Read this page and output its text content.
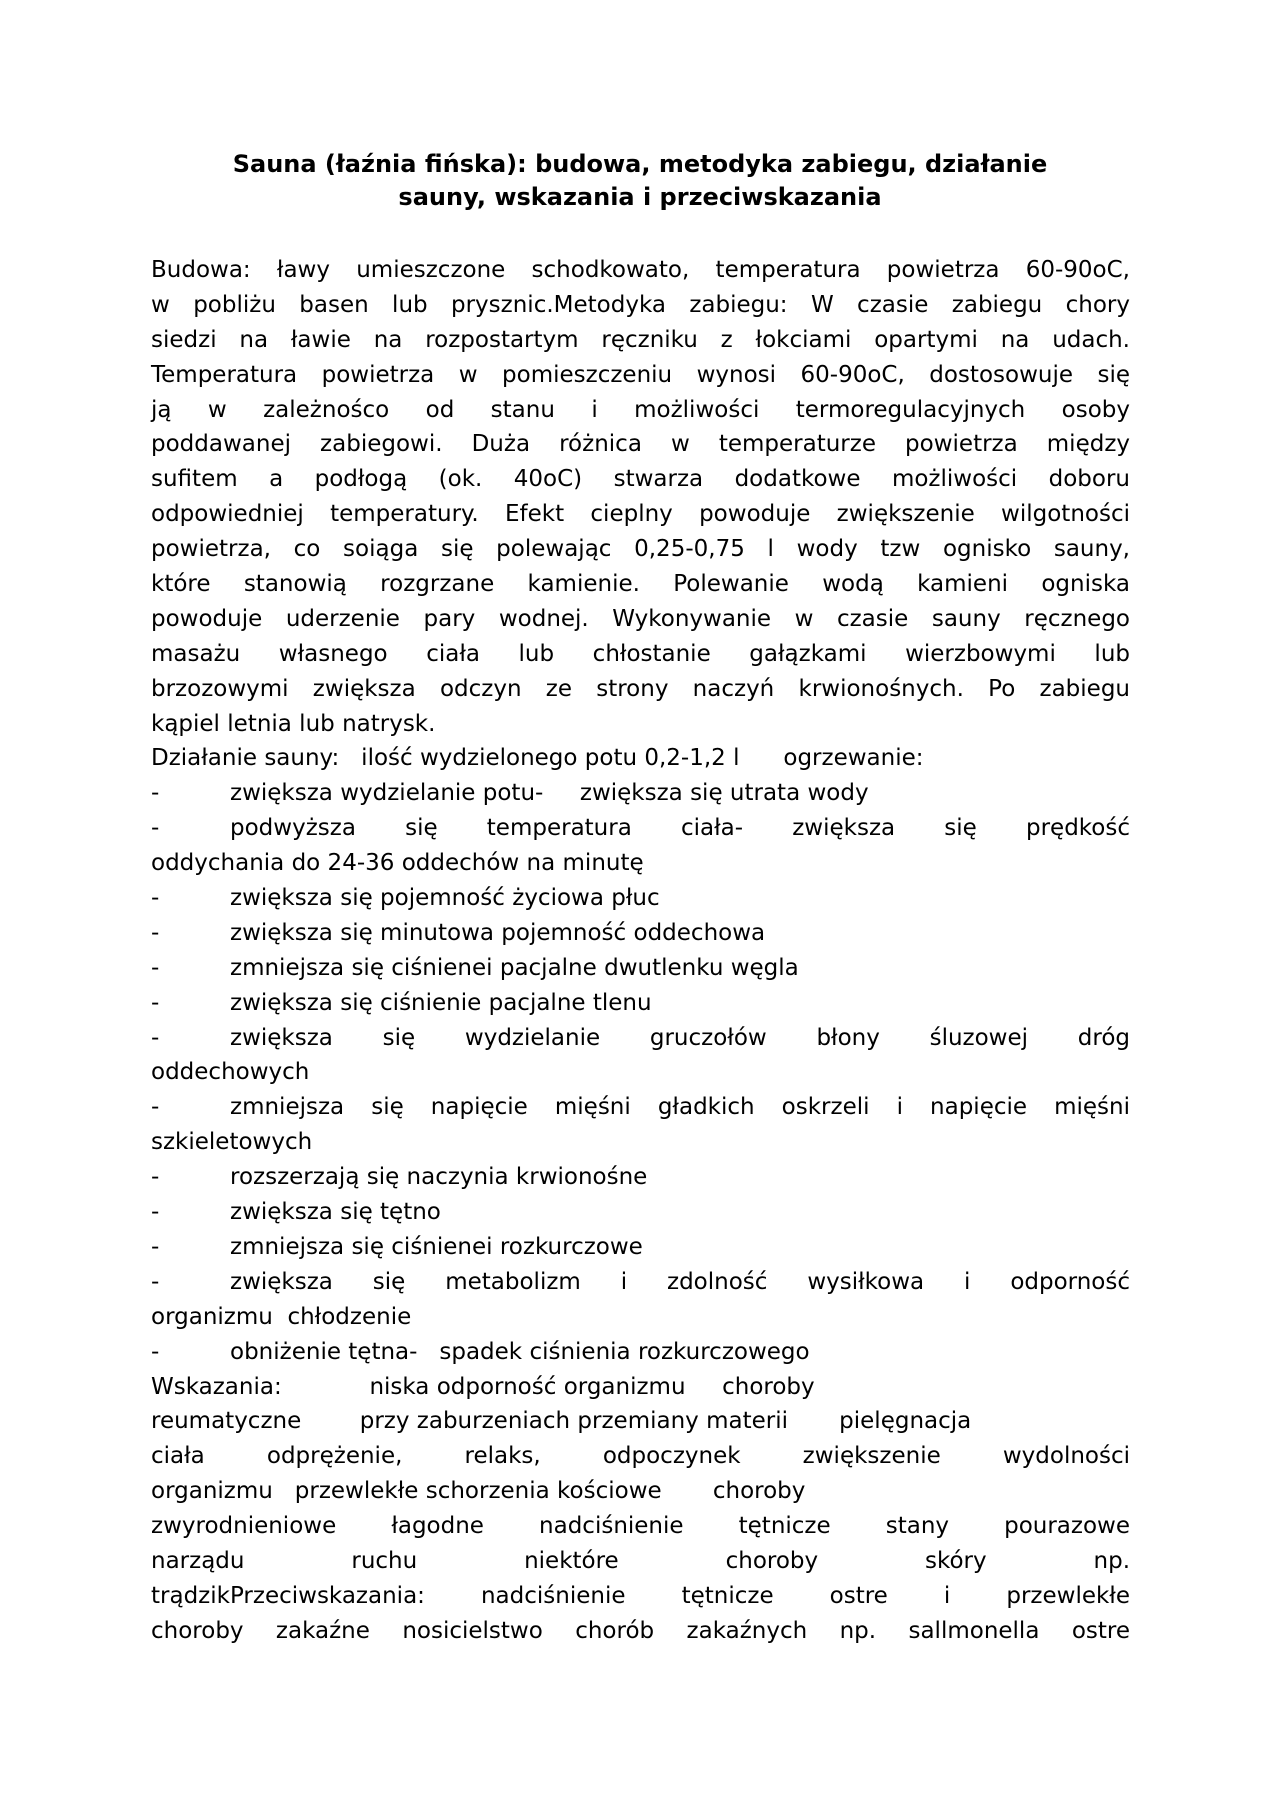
Sauna (łaźnia fińska): budowa, metodyka zabiegu, działanie
sauny, wskazania i przeciwskazania
Budowa: ławy umieszczone schodkowato, temperatura powietrza 60-90oC,
w pobliżu basen lub prysznic.Metodyka zabiegu: W czasie zabiegu chory
siedzi na ławie na rozpostartym ręczniku z łokciami opartymi na udach.
Temperatura powietrza w pomieszczeniu wynosi 60-90oC, dostosowuje się
ją w zależnośco od stanu i możliwości termoregulacyjnych osoby
poddawanej zabiegowi. Duża różnica w temperaturze powietrza między
sufitem a podłogą (ok. 40oC) stwarza dodatkowe możliwości doboru
odpowiedniej temperatury. Efekt cieplny powoduje zwiększenie wilgotności
powietrza, co soiąga się polewając 0,25-0,75 l wody tzw ognisko sauny,
które stanowią rozgrzane kamienie. Polewanie wodą kamieni ogniska
powoduje uderzenie pary wodnej. Wykonywanie w czasie sauny ręcznego
masażu własnego ciała lub chłostanie gałązkami wierzbowymi lub
brzozowymi zwiększa odczyn ze strony naczyń krwionośnych. Po zabiegu
kąpiel letnia lub natrysk.
Działanie sauny:   ilość wydzielonego potu 0,2-1,2 l      ogrzewanie:
-	zwiększa wydzielanie potu-     zwiększa się utrata wody
-	podwyższa się temperatura ciała- zwiększa się prędkość
oddychania do 24-36 oddechów na minutę
-	zwiększa się pojemność życiowa płuc
-	zwiększa się minutowa pojemność oddechowa
-	zmniejsza się ciśnienei pacjalne dwutlenku węgla
-	zwiększa się ciśnienie pacjalne tlenu
-	zwiększa się wydzielanie gruczołów błony śluzowej dróg
oddechowych
-	zmniejsza się napięcie mięśni gładkich oskrzeli i napięcie mięśni
szkieletowych
-	rozszerzają się naczynia krwionośne
-	zwiększa się tętno
-	zmniejsza się ciśnienei rozkurczowe
-	zwiększa się metabolizm i zdolność wysiłkowa i odporność
organizmu  chłodzenie
-	obniżenie tętna-   spadek ciśnienia rozkurczowego
Wskazania:            niska odporność organizmu     choroby
reumatyczne        przy zaburzeniach przemiany materii       pielęgnacja
ciała odprężenie, relaks, odpoczynek zwiększenie wydolności
organizmu   przewlekłe schorzenia kościowe       choroby
zwyrodnieniowe łagodne nadciśnienie tętnicze stany pourazowe
narządu ruchu niektóre choroby skóry np.
trądzikPrzeciwskazania: nadciśnienie tętnicze ostre i przewlekłe
choroby zakaźne nosicielstwo chorób zakaźnych np. sallmonella ostre
